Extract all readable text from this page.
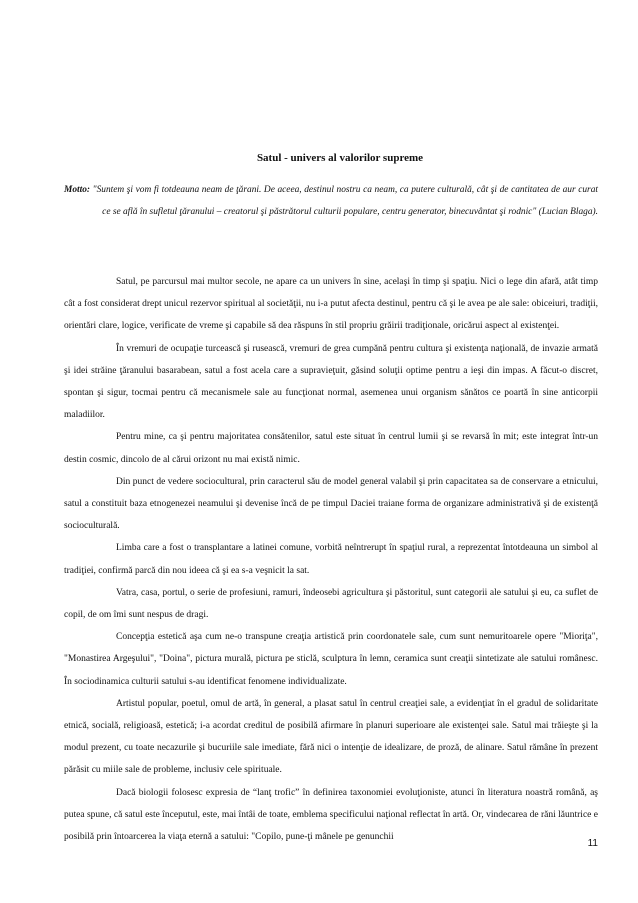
Satul - univers al valorilor supreme
Motto: "Suntem şi vom fi totdeauna neam de ţărani. De aceea, destinul nostru ca neam, ca putere culturală, cât şi de cantitatea de aur curat ce se află în sufletul ţăranului – creatorul şi păstrătorul culturii populare, centru generator, binecuvântat şi rodnic" (Lucian Blaga).

Satul, pe parcursul mai multor secole, ne apare ca un univers în sine, acelaşi în timp şi spaţiu. Nici o lege din afară, atât timp cât a fost considerat drept unicul rezervor spiritual al societăţii, nu i-a putut afecta destinul, pentru că şi le avea pe ale sale: obiceiuri, tradiţii, orientări clare, logice, verificate de vreme şi capabile să dea răspuns în stil propriu grăirii tradiţionale, oricărui aspect al existenţei.

În vremuri de ocupaţie turcească şi rusească, vremuri de grea cumpănă pentru cultura şi existenţa naţională, de invazie armată şi idei străine ţăranului basarabean, satul a fost acela care a supravieţuit, găsind soluţii optime pentru a ieşi din impas. A făcut-o discret, spontan şi sigur, tocmai pentru că mecanismele sale au funcţionat normal, asemenea unui organism sănătos ce poartă în sine anticorpii maladiilor.

Pentru mine, ca şi pentru majoritatea consătenilor, satul este situat în centrul lumii şi se revarsă în mit; este integrat într-un destin cosmic, dincolo de al cărui orizont nu mai există nimic.

Din punct de vedere sociocultural, prin caracterul său de model general valabil şi prin capacitatea sa de conservare a etnicului, satul a constituit baza etnogenezei neamului şi devenise încă de pe timpul Daciei traiane forma de organizare administrativă şi de existenţă socioculturală.

Limba care a fost o transplantare a latinei comune, vorbită neîntrerupt în spaţiul rural, a reprezentat întotdeauna un simbol al tradiţiei, confirmă parcă din nou ideea că şi ea s-a veşnicit la sat.

Vatra, casa, portul, o serie de profesiuni, ramuri, îndeosebi agricultura şi păstoritul, sunt categorii ale satului şi eu, ca suflet de copil, de om îmi sunt nespus de dragi.

Concepţia estetică aşa cum ne-o transpune creaţia artistică prin coordonatele sale, cum sunt nemuritoarele opere "Mioriţa", "Monastirea Argeşului", "Doina", pictura murală, pictura pe sticlă, sculptura în lemn, ceramica sunt creaţii sintetizate ale satului românesc. În sociodinamica culturii satului s-au identificat fenomene individualizate.

Artistul popular, poetul, omul de artă, în general, a plasat satul în centrul creaţiei sale, a evidenţiat în el gradul de solidaritate etnică, socială, religioasă, estetică; i-a acordat creditul de posibilă afirmare în planuri superioare ale existenţei sale. Satul mai trăieşte şi la modul prezent, cu toate necazurile şi bucuriile sale imediate, fără nici o intenţie de idealizare, de proză, de alinare. Satul rămâne în prezent părăsit cu miile sale de probleme, inclusiv cele spirituale.

Dacă biologii folosesc expresia de “lanţ trofic” în definirea taxonomiei evoluţioniste, atunci în literatura noastră română, aş putea spune, că satul este începutul, este, mai întâi de toate, emblema specificului naţional reflectat în artă. Or, vindecarea de răni lăuntrice e posibilă prin întoarcerea la viaţa eternă a satului: "Copilo, pune-ţi mânele pe genunchii

11
